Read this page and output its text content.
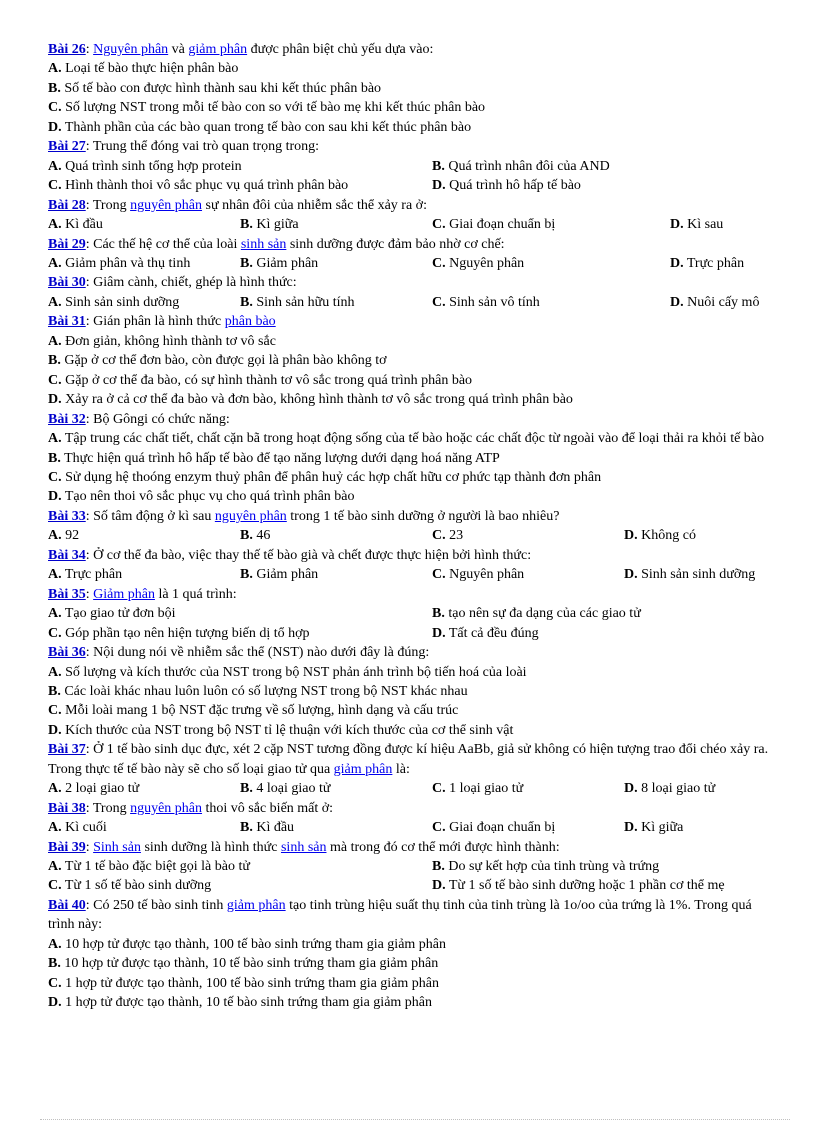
Bài 26: Nguyên phân và giảm phân được phân biệt chủ yếu dựa vào:
A. Loại tế bào thực hiện phân bào
B. Số tế bào con được hình thành sau khi kết thúc phân bào
C. Số lượng NST trong mỗi tế bào con so với tế bào mẹ khi kết thúc phân bào
D. Thành phần của các bào quan trong tế bào con sau khi kết thúc phân bào
Bài 27: Trung thể đóng vai trò quan trọng trong:
A. Quá trình sinh tổng hợp protein	B. Quá trình nhân đôi của AND
C. Hình thành thoi vô sắc phục vụ quá trình phân bào	D. Quá trình hô hấp tế bào
Bài 28: Trong nguyên phân sự nhân đôi của nhiễm sắc thể xảy ra ở:
A. Kì đầu	B. Kì giữa	C. Giai đoạn chuẩn bị	D. Kì sau
Bài 29: Các thế hệ cơ thể của loài sinh sản sinh dưỡng được đảm bảo nhờ cơ chế:
A. Giảm phân và thụ tinh	B. Giảm phân	C. Nguyên phân	D. Trực phân
Bài 30: Giâm cành, chiết, ghép là hình thức:
A. Sinh sản sinh dưỡng	B. Sinh sản hữu tính	C. Sinh sản vô tính	D. Nuôi cấy mô
Bài 31: Gián phân là hình thức phân bào
A. Đơn giản, không hình thành tơ vô sắc
B. Gặp ở cơ thể đơn bào, còn được gọi là phân bào không tơ
C. Gặp ở cơ thể đa bào, có sự hình thành tơ vô sắc trong quá trình phân bào
D. Xảy ra ở cả cơ thể đa bào và đơn bào, không hình thành tơ vô sắc trong quá trình phân bào
Bài 32: Bộ Gôngi có chức năng:
A. Tập trung các chất tiết, chất cặn bã trong hoạt động sống của tế bào hoặc các chất độc từ ngoài vào để loại thải ra khỏi tế bào
B. Thực hiện quá trình hô hấp tế bào để tạo năng lượng dưới dạng hoá năng ATP
C. Sử dụng hệ thoóng enzym thuỷ phân để phân huỷ các hợp chất hữu cơ phức tạp thành đơn phân
D. Tạo nên thoi vô sắc phục vụ cho quá trình phân bào
Bài 33: Số tâm động ở kì sau nguyên phân trong 1 tế bào sinh dưỡng ở người là bao nhiêu?
A. 92	B. 46	C. 23	D. Không có
Bài 34: Ở cơ thể đa bào, việc thay thế tế bào già và chết được thực hiện bởi hình thức:
A. Trực phân	B. Giảm phân	C. Nguyên phân	D. Sinh sản sinh dưỡng
Bài 35: Giảm phân là 1 quá trình:
A. Tạo giao tử đơn bội	B. tạo nên sự đa dạng của các giao tử
C. Góp phần tạo nên hiện tượng biến dị tổ hợp	D. Tất cả đều đúng
Bài 36: Nội dung nói về nhiễm sắc thể (NST) nào dưới đây là đúng:
A. Số lượng và kích thước của NST trong bộ NST phản ánh trình bộ tiến hoá của loài
B. Các loài khác nhau luôn luôn có số lượng NST trong bộ NST khác nhau
C. Mỗi loài mang 1 bộ NST đặc trưng về số lượng, hình dạng và cấu trúc
D. Kích thước của NST trong bộ NST tỉ lệ thuận với kích thước của cơ thể sinh vật
Bài 37: Ở 1 tế bào sinh dục đực, xét 2 cặp NST tương đồng được kí hiệu AaBb, giả sử không có hiện tượng trao đổi chéo xảy ra. Trong thực tế tế bào này sẽ cho số loại giao tử qua giảm phân là:
A. 2 loại giao tử	B. 4 loại giao tử	C. 1 loại giao tử	D. 8 loại giao tử
Bài 38: Trong nguyên phân thoi vô sắc biến mất ở:
A. Kì cuối	B. Kì đầu	C. Giai đoạn chuẩn bị	D. Kì giữa
Bài 39: Sinh sản sinh dưỡng là hình thức sinh sản mà trong đó cơ thể mới được hình thành:
A. Từ 1 tế bào đặc biệt gọi là bào tử	B. Do sự kết hợp của tinh trùng và trứng
C. Từ 1 số tế bào sinh dưỡng	D. Từ 1 số tế bào sinh dưỡng hoặc 1 phần cơ thể mẹ
Bài 40: Có 250 tế bào sinh tinh giảm phân tạo tinh trùng hiệu suất thụ tinh của tinh trùng là 1o/oo của trứng là 1%. Trong quá trình này:
A. 10 hợp tử được tạo thành, 100 tế bào sinh trứng tham gia giảm phân
B. 10 hợp tử được tạo thành, 10 tế bào sinh trứng tham gia giảm phân
C. 1 hợp tử được tạo thành, 100 tế bào sinh trứng tham gia giảm phân
D. 1 hợp tử được tạo thành, 10 tế bào sinh trứng tham gia giảm phân
